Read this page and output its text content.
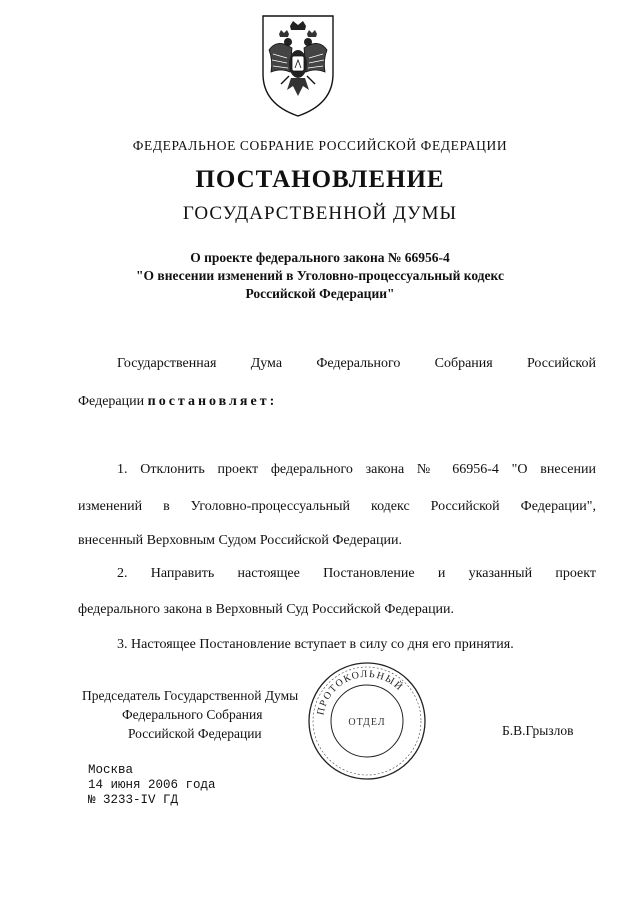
ФЕДЕРАЛЬНОЕ СОБРАНИЕ РОССИЙСКОЙ ФЕДЕРАЦИИ
ПОСТАНОВЛЕНИЕ
ГОСУДАРСТВЕННОЙ ДУМЫ
О проекте федерального закона № 66956-4
"О внесении изменений в Уголовно-процессуальный кодекс
Российской Федерации"
Государственная Дума Федерального Собрания Российской
Федерации постановляет:
1. Отклонить проект федерального закона № 66956-4 "О внесении
изменений в Уголовно-процессуальный кодекс Российской Федерации",
внесенный Верховным Судом Российской Федерации.
2. Направить настоящее Постановление и указанный проект
федерального закона в Верховный Суд Российской Федерации.
3. Настоящее Постановление вступает в силу со дня его принятия.
Председатель Государственной Думы
Федерального Собрания
Российской Федерации	Б.В.Грызлов
ПРОТОКОЛЬНЫЙ
ОТДЕЛ
Москва
14 июня 2006 года
№ 3233-IV ГД
